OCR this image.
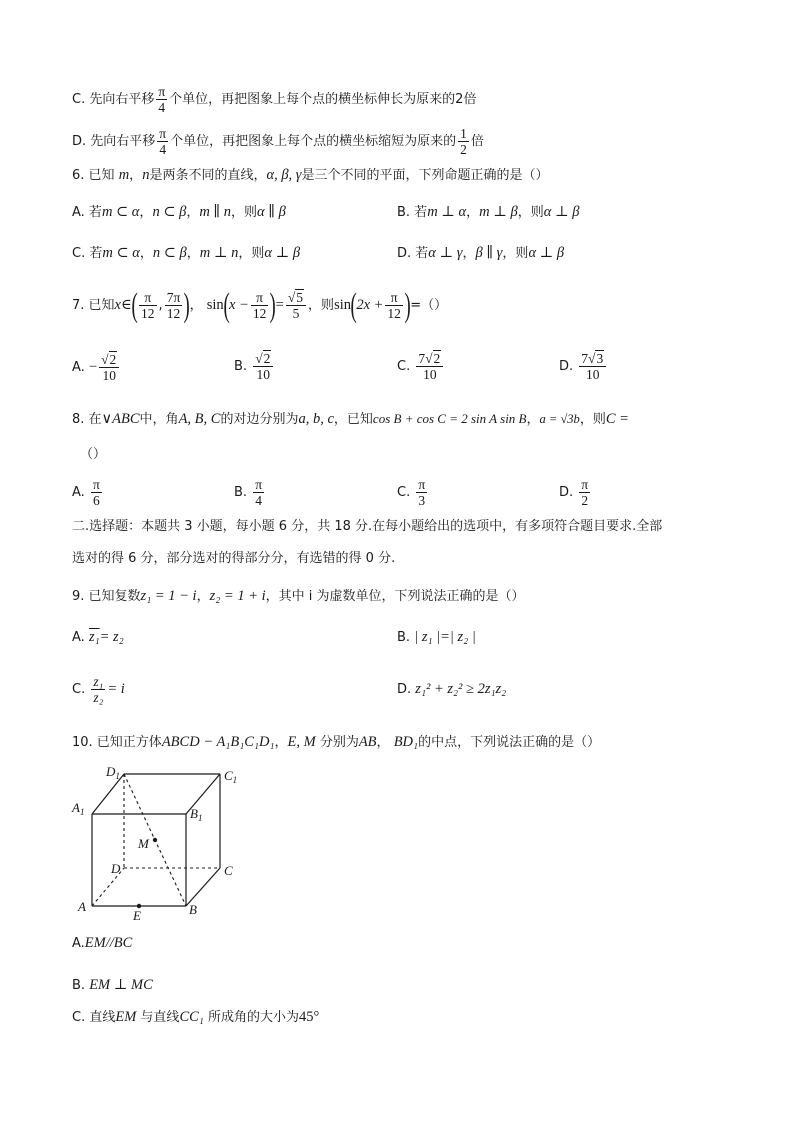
C. 先向右平移 $\frac{\pi}{4}$ 个单位，再把图象上每个点的横坐标伸长为原来的2倍
D. 先向右平移 $\frac{\pi}{4}$ 个单位，再把图象上每个点的横坐标缩短为原来的 $\frac{1}{2}$ 倍
6. 已知 m，n是两条不同的直线，α, β, γ是三个不同的平面，下列命题正确的是（）
A. 若m ⊂ α，n ⊂ β，m ∥ n，则α ∥ β	B. 若m ⊥ α，m ⊥ β，则α ⊥ β
C. 若m ⊂ α，n ⊂ β，m ⊥ n，则α ⊥ β	D. 若α ⊥ γ，β ∥ γ，则α ⊥ β
7. 已知x∈( $\frac{\pi}{12}$ , $\frac{7\pi}{12}$ )， $\sin(x - \frac{\pi}{12}$ )= $\frac{√5}{5}$ ，则$\sin(2x + \frac{\pi}{12}$ )=（）
A. − $\frac{√2}{10}$	B. $\frac{√2}{10}$	C. $\frac{7√2}{10}$	D. $\frac{7√3}{10}$
8. 在∨ABC中，角A, B, C的对边分别为a, b, c，已知cos B + cos C = 2 sin A sin B，a = √3b，则C =
（）
A. $\frac{\pi}{6}$	B. $\frac{\pi}{4}$	C. $\frac{\pi}{3}$	D. $\frac{\pi}{2}$
二.选择题：本题共 3 小题，每小题 6 分，共 18 分.在每小题给出的选项中，有多项符合题目要求.全部
选对的得 6 分，部分选对的得部分分，有选错的得 0 分.
9. 已知复数z₁ = 1 − i，z₂ = 1 + i，其中 i 为虚数单位，下列说法正确的是（）
A. z₁= z₂	B. | z₁ |=| z₂ |
C. $\frac{\text{z₁}}{\text{z₂}} = i$	D. z₁² + z₂² ≥ 2z₁z₂
10. 已知正方体ABCD − A₁B₁C₁D₁，E, M 分别为AB， BD₁的中点，下列说法正确的是（）
$D_1$	$C_1$
$A_1$	$B_1$
M
D	C
A	B
E
A.EM//BC
B. EM ⊥ MC
C. 直线EM 与直线CC₁ 所成角的大小为45°
